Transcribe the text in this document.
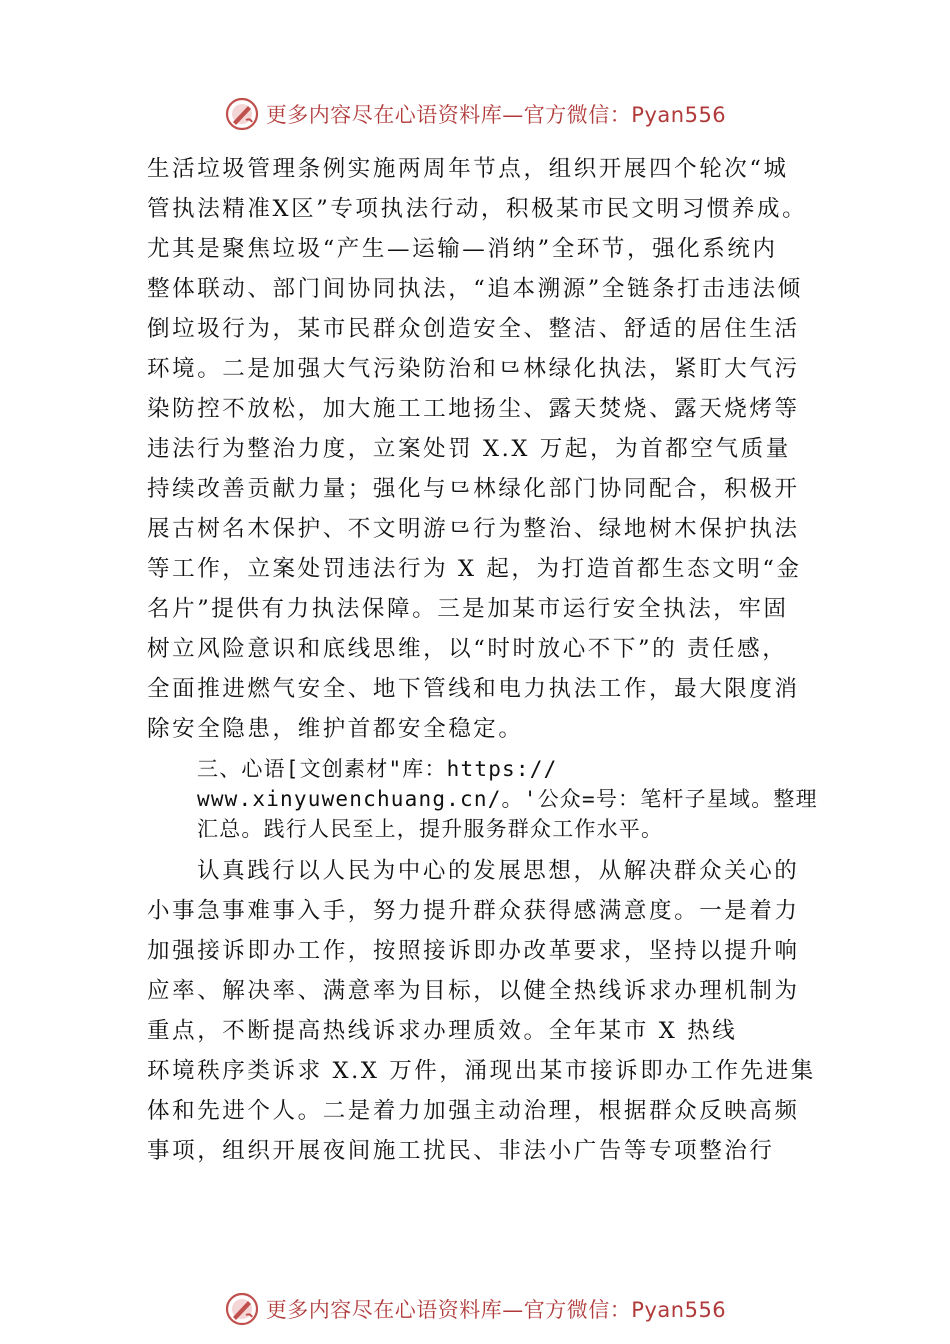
更多内容尽在心语资料库—官方微信：Pyan556
生活垃圾管理条例实施两周年节点，组织开展四个轮次“城
管执法精准Ⅹ区”专项执法行动，积极某市民文明习惯养成。
尤其是聚焦垃圾“产生—运输—消纳”全环节，强化系统内
整体联动、部门间协同执法，“追本溯源”全链条打击违法倾
倒垃圾行为，某市民群众创造安全、整洁、舒适的居住生活
环境。二是加强大气污染防治和⺋林绿化执法，紧盯大气污
染防控不放松，加大施工工地扬尘、露天焚烧、露天烧烤等
违法行为整治力度，立案处罚 X.X 万起，为首都空气质量
持续改善贡献力量；强化与⺋林绿化部门协同配合，积极开
展古树名木保护、不文明游⺋行为整治、绿地树木保护执法
等工作，立案处罚违法行为 X 起，为打造首都生态文明“金
名片”提供有力执法保障。三是加某市运行安全执法，牢固
树立风险意识和底线思维，以“时时放心不下”的 责任感，
全面推进燃气安全、地下管线和电力执法工作，最大限度消
除安全隐患，维护首都安全稳定。
三、心语[文创素材"库：https://
www.xinyuwenchuang.cn/。'公众=号：笔杆子星域。整理
汇总。践行人民至上，提升服务群众工作水平。
认真践行以人民为中心的发展思想，从解决群众关心的
小事急事难事入手，努力提升群众获得感满意度。一是着力
加强接诉即办工作，按照接诉即办改革要求，坚持以提升响
应率、解决率、满意率为目标，以健全热线诉求办理机制为
重点，不断提高热线诉求办理质效。全年某市 X 热线
环境秩序类诉求 X.X 万件，涌现出某市接诉即办工作先进集
体和先进个人。二是着力加强主动治理，根据群众反映高频
事项，组织开展夜间施工扰民、非法小广告等专项整治行
更多内容尽在心语资料库—官方微信：Pyan556
